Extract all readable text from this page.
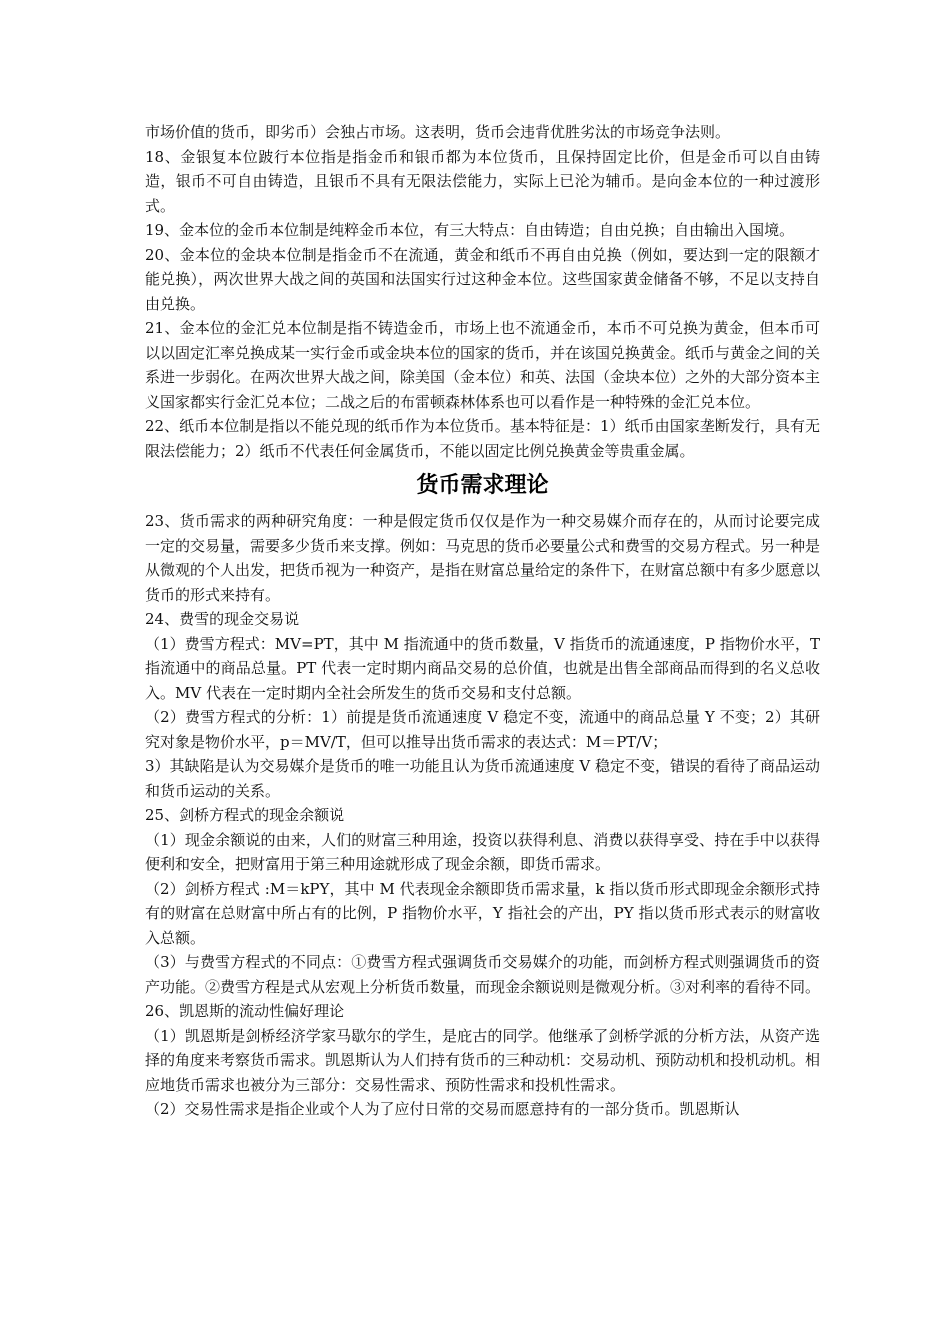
市场价值的货币，即劣币）会独占市场。这表明，货币会违背优胜劣汰的市场竞争法则。

18、金银复本位跛行本位指是指金币和银币都为本位货币，且保持固定比价，但是金币可以自由铸造，银币不可自由铸造，且银币不具有无限法偿能力，实际上已沦为辅币。是向金本位的一种过渡形式。

19、金本位的金币本位制是纯粹金币本位，有三大特点：自由铸造；自由兑换；自由输出入国境。

20、金本位的金块本位制是指金币不在流通，黄金和纸币不再自由兑换（例如，要达到一定的限额才能兑换），两次世界大战之间的英国和法国实行过这种金本位。这些国家黄金储备不够，不足以支持自由兑换。

21、金本位的金汇兑本位制是指不铸造金币，市场上也不流通金币，本币不可兑换为黄金，但本币可以以固定汇率兑换成某一实行金币或金块本位的国家的货币，并在该国兑换黄金。纸币与黄金之间的关系进一步弱化。在两次世界大战之间，除美国（金本位）和英、法国（金块本位）之外的大部分资本主义国家都实行金汇兑本位；二战之后的布雷顿森林体系也可以看作是一种特殊的金汇兑本位。

22、纸币本位制是指以不能兑现的纸币作为本位货币。基本特征是：1）纸币由国家垄断发行，具有无限法偿能力；2）纸币不代表任何金属货币，不能以固定比例兑换黄金等贵重金属。

货币需求理论

23、货币需求的两种研究角度：一种是假定货币仅仅是作为一种交易媒介而存在的，从而讨论要完成一定的交易量，需要多少货币来支撑。例如：马克思的货币必要量公式和费雪的交易方程式。另一种是从微观的个人出发，把货币视为一种资产，是指在财富总量给定的条件下，在财富总额中有多少愿意以货币的形式来持有。

24、费雪的现金交易说

（1）费雪方程式：MV=PT，其中 M 指流通中的货币数量，V 指货币的流通速度，P 指物价水平，T 指流通中的商品总量。PT 代表一定时期内商品交易的总价值，也就是出售全部商品而得到的名义总收入。MV 代表在一定时期内全社会所发生的货币交易和支付总额。

（2）费雪方程式的分析：1）前提是货币流通速度 V 稳定不变，流通中的商品总量 Y 不变；2）其研究对象是物价水平，p＝MV/T，但可以推导出货币需求的表达式：M＝PT/V；

3）其缺陷是认为交易媒介是货币的唯一功能且认为货币流通速度 V 稳定不变，错误的看待了商品运动和货币运动的关系。

25、剑桥方程式的现金余额说

（1）现金余额说的由来，人们的财富三种用途，投资以获得利息、消费以获得享受、持在手中以获得便利和安全，把财富用于第三种用途就形成了现金余额，即货币需求。

（2）剑桥方程式 :M＝kPY，其中 M 代表现金余额即货币需求量，k 指以货币形式即现金余额形式持有的财富在总财富中所占有的比例，P 指物价水平，Y 指社会的产出，PY 指以货币形式表示的财富收入总额。

（3）与费雪方程式的不同点：①费雪方程式强调货币交易媒介的功能，而剑桥方程式则强调货币的资产功能。②费雪方程是式从宏观上分析货币数量，而现金余额说则是微观分析。③对利率的看待不同。

26、凯恩斯的流动性偏好理论

（1）凯恩斯是剑桥经济学家马歇尔的学生，是庇古的同学。他继承了剑桥学派的分析方法，从资产选择的角度来考察货币需求。凯恩斯认为人们持有货币的三种动机：交易动机、预防动机和投机动机。相应地货币需求也被分为三部分：交易性需求、预防性需求和投机性需求。

（2）交易性需求是指企业或个人为了应付日常的交易而愿意持有的一部分货币。凯恩斯认
